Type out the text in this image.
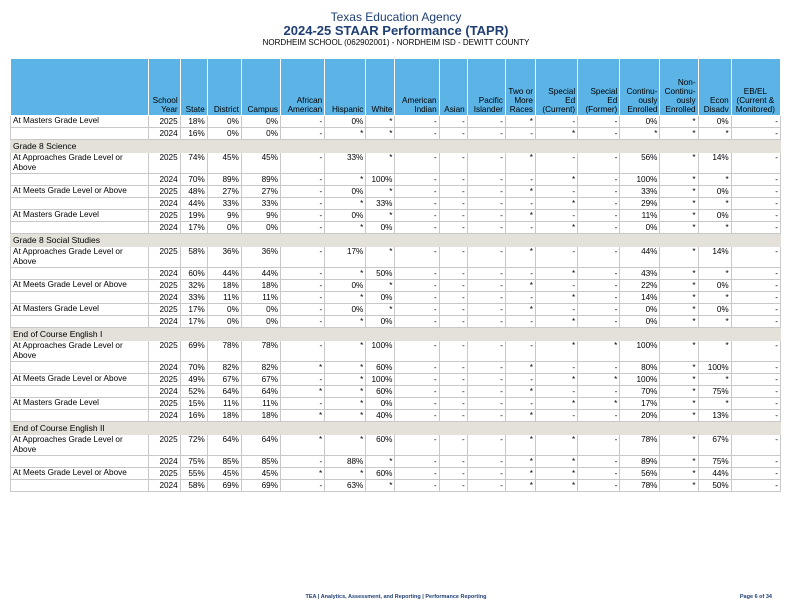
Texas Education Agency
2024-25 STAAR Performance (TAPR)
NORDHEIM SCHOOL (062902001) - NORDHEIM ISD - DEWITT COUNTY
	School Year	State	District	Campus	African American	Hispanic	White	American Indian	Asian	Pacific Islander	Two or More Races	Special Ed (Current)	Special Ed (Former)	Continu-ously Enrolled	Non-Continu-ously Enrolled	Econ Disadv	EB/EL (Current & Monitored)
At Masters Grade Level	2025	18%	0%	0%	-	0%	*	-	-	-	*	-	-	0%	*	0%	-
	2024	16%	0%	0%	-	*	*	-	-	-	-	*	-	*	*	*	-
Grade 8 Science																	
At Approaches Grade Level or Above	2025	74%	45%	45%	-	33%	*	-	-	-	*	-	-	56%	*	14%	-
	2024	70%	89%	89%	-	*	100%	-	-	-	-	*	-	100%	*	*	-
At Meets Grade Level or Above	2025	48%	27%	27%	-	0%	*	-	-	-	*	-	-	33%	*	0%	-
	2024	44%	33%	33%	-	*	33%	-	-	-	-	*	-	29%	*	*	-
At Masters Grade Level	2025	19%	9%	9%	-	0%	*	-	-	-	*	-	-	11%	*	0%	-
	2024	17%	0%	0%	-	*	0%	-	-	-	-	*	-	0%	*	*	-
Grade 8 Social Studies																	
At Approaches Grade Level or Above	2025	58%	36%	36%	-	17%	*	-	-	-	*	-	-	44%	*	14%	-
	2024	60%	44%	44%	-	*	50%	-	-	-	-	*	-	43%	*	*	-
At Meets Grade Level or Above	2025	32%	18%	18%	-	0%	*	-	-	-	*	-	-	22%	*	0%	-
	2024	33%	11%	11%	-	*	0%	-	-	-	-	*	-	14%	*	*	-
At Masters Grade Level	2025	17%	0%	0%	-	0%	*	-	-	-	*	-	-	0%	*	0%	-
	2024	17%	0%	0%	-	*	0%	-	-	-	-	*	-	0%	*	*	-
End of Course English I																	
At Approaches Grade Level or Above	2025	69%	78%	78%	-	*	100%	-	-	-	-	*	*	100%	*	*	-
	2024	70%	82%	82%	*	*	60%	-	-	-	*	-	-	80%	*	100%	-
At Meets Grade Level or Above	2025	49%	67%	67%	-	*	100%	-	-	-	-	*	*	100%	*	*	-
	2024	52%	64%	64%	*	*	60%	-	-	-	*	-	-	70%	*	75%	-
At Masters Grade Level	2025	15%	11%	11%	-	*	0%	-	-	-	-	*	*	17%	*	*	-
	2024	16%	18%	18%	*	*	40%	-	-	-	*	-	-	20%	*	13%	-
End of Course English II																	
At Approaches Grade Level or Above	2025	72%	64%	64%	*	*	60%	-	-	-	*	*	-	78%	*	67%	-
	2024	75%	85%	85%	-	88%	*	-	-	-	*	*	-	89%	*	75%	-
At Meets Grade Level or Above	2025	55%	45%	45%	*	*	60%	-	-	-	*	*	-	56%	*	44%	-
	2024	58%	69%	69%	-	63%	*	-	-	-	*	*	-	78%	*	50%	-
TEA | Analytics, Assessment, and Reporting | Performance Reporting	Page 6 of 34
